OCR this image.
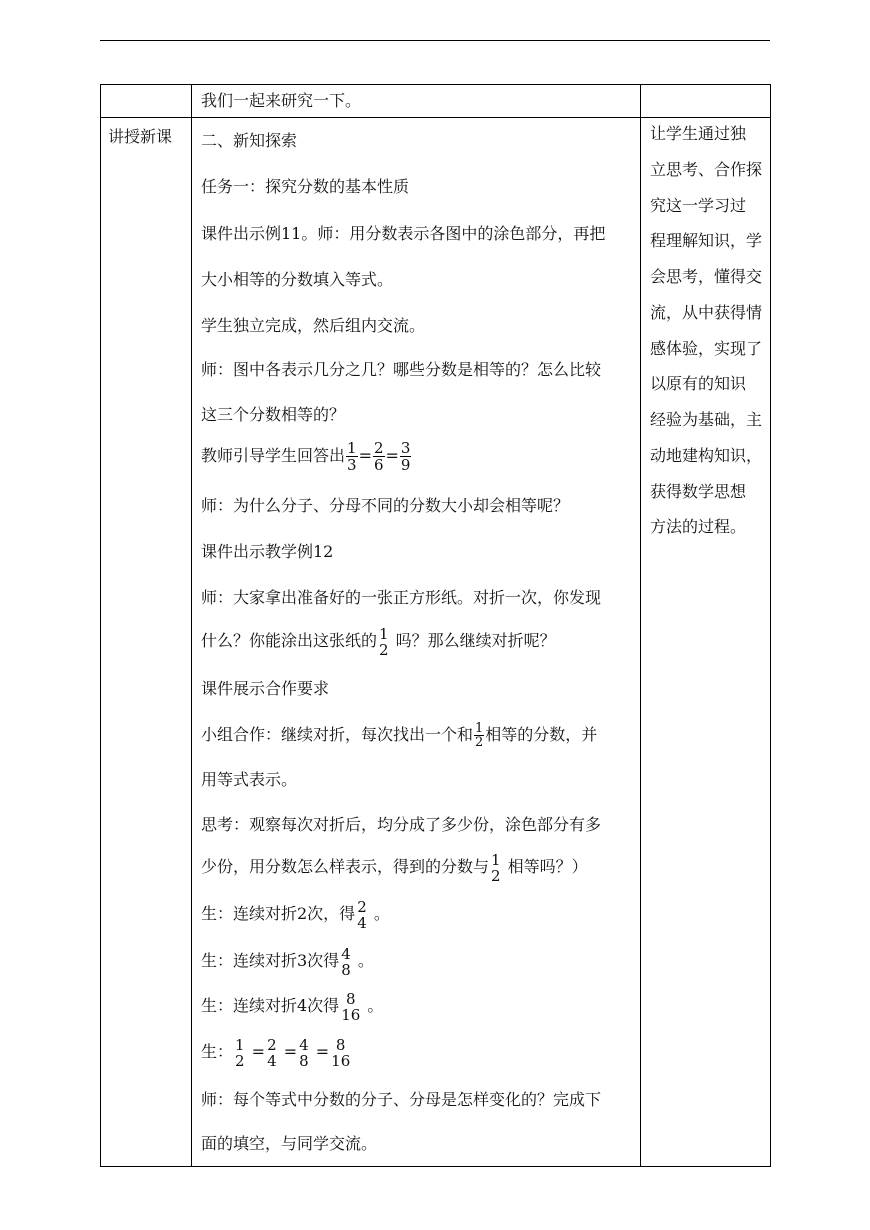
我们一起来研究一下。
讲授新课 二、新知探索
任务一：探究分数的基本性质
课件出示例11。师：用分数表示各图中的涂色部分，再把
大小相等的分数填入等式。
学生独立完成，然后组内交流。
师：图中各表示几分之几？哪些分数是相等的？怎么比较
这三个分数相等的？
教师引导学生回答出 $\frac{1}{3} = \frac{2}{6} = \frac{3}{9}$
师：为什么分子、分母不同的分数大小却会相等呢？
课件出示教学例12
师：大家拿出准备好的一张正方形纸。对折一次，你发现
什么？你能涂出这张纸的 1
2 吗？那么继续对折呢？
课件展示合作要求
小组合作：继续对折，每次找出一个和 $\frac{1}{2}$ 相等的分数，并
用等式表示。
思考：观察每次对折后，均分成了多少份，涂色部分有多
少份，用分数怎么样表示，得到的分数与 1
2 相等吗？）
生：连续对折2次，得 2
4 。
生：连续对折3次得 4
8 。
生：连续对折4次得 8
16 。
生： 1
2 = 2
4 = 4
8 = 8
16
师：每个等式中分数的分子、分母是怎样变化的？完成下
面的填空，与同学交流。
让学生通过独
立思考、合作探
究这一学习过
程理解知识，学
会思考，懂得交
流，从中获得情
感体验，实现了
以原有的知识
经验为基础，主
动地建构知识，
获得数学思想
方法的过程。
